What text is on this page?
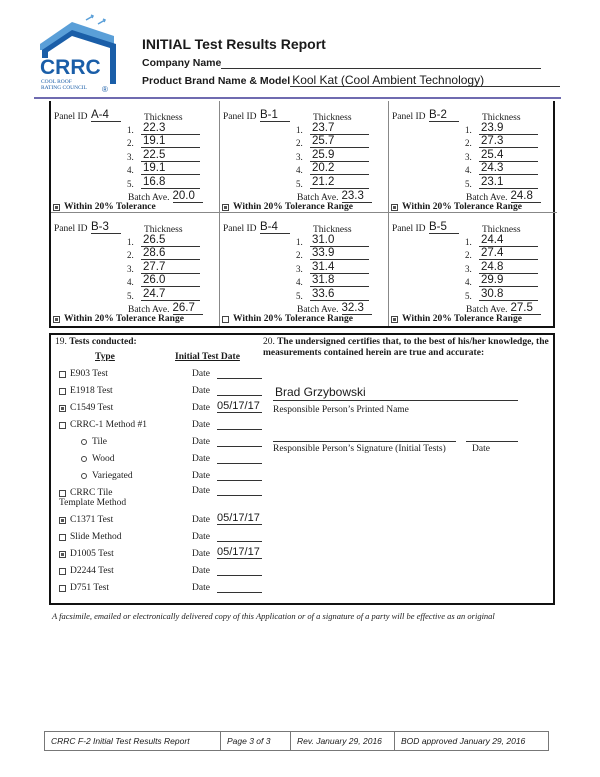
CRRC
COOL ROOF
RATING COUNCIL ®
INITIAL Test Results Report
Company Name
Product Brand Name & Model Kool Kat (Cool Ambient Technology)
Panel ID A-4	Thickness
1. 22.3
2. 19.1
3. 22.5
4. 19.1
5. 16.8
Batch Ave. 20.0
Within 20% Tolerance
Panel ID B-1	Thickness
1. 23.7
2. 25.7
3. 25.9
4. 20.2
5. 21.2
Batch Ave. 23.3
Within 20% Tolerance Range
Panel ID B-2	Thickness
1. 23.9
2. 27.3
3. 25.4
4. 24.3
5. 23.1
Batch Ave. 24.8
Within 20% Tolerance Range
Panel ID B-3	Thickness
1. 26.5
2. 28.6
3. 27.7
4. 26.0
5. 24.7
Batch Ave. 26.7
Within 20% Tolerance Range
Panel ID B-4	Thickness
1. 31.0
2. 33.9
3. 31.4
4. 31.8
5. 33.6
Batch Ave. 32.3
Within 20% Tolerance Range
Panel ID B-5	Thickness
1. 24.4
2. 27.4
3. 24.8
4. 29.9
5. 30.8
Batch Ave. 27.5
Within 20% Tolerance Range
19. Tests conducted:
Type	Initial Test Date
E903 Test	Date
E1918 Test	Date
C1549 Test	Date 05/17/17
CRRC-1 Method #1	Date
Tile	Date
Wood	Date
Variegated	Date
CRRC Tile
Template Method
Date
C1371 Test	Date 05/17/17
Slide Method	Date
D1005 Test	Date 05/17/17
D2244 Test	Date
D751 Test	Date
20. The undersigned certifies that, to the best of his/her knowledge, the measurements contained herein are true and accurate:
Brad Grzybowski
Responsible Person’s Printed Name
Responsible Person’s Signature (Initial Tests)	Date
A facsimile, emailed or electronically delivered copy of this Application or of a signature of a party will be effective as an original
CRRC F-2 Initial Test Results Report	Page 3 of 3	Rev. January 29, 2016	BOD approved January 29, 2016
